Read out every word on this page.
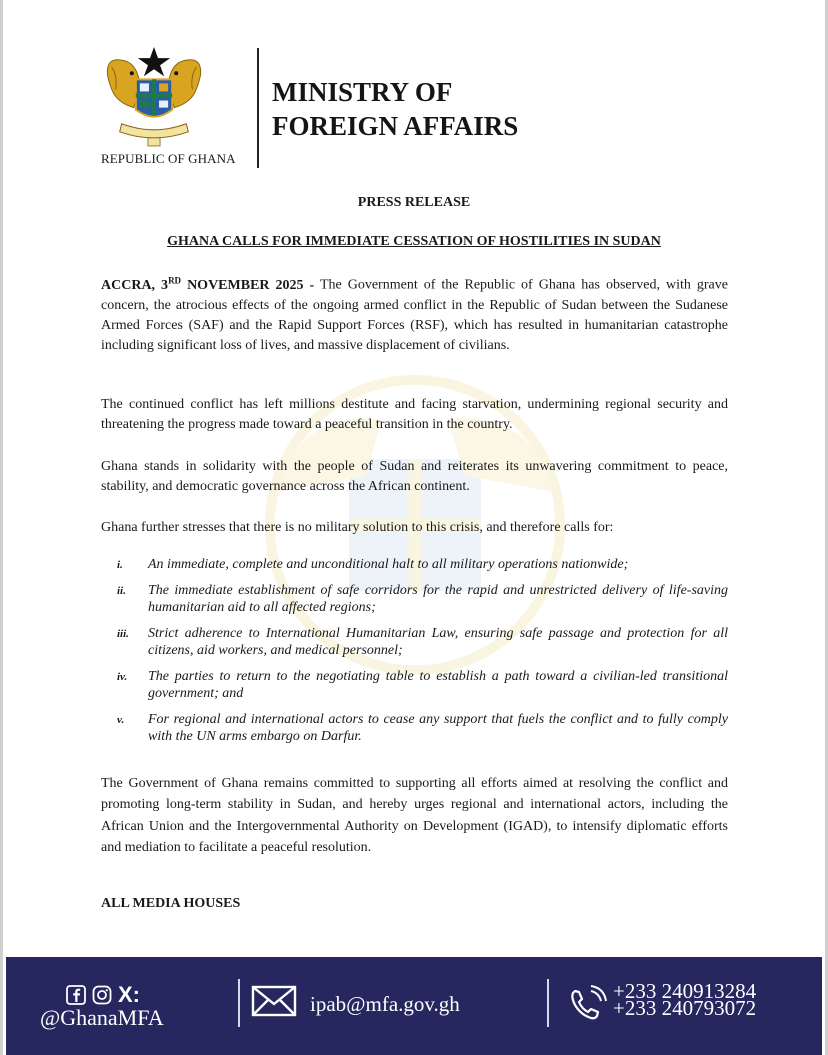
REPUBLIC OF GHANA
MINISTRY OF
FOREIGN AFFAIRS
PRESS RELEASE
GHANA CALLS FOR IMMEDIATE CESSATION OF HOSTILITIES IN SUDAN

ACCRA, 3RD NOVEMBER 2025 - The Government of the Republic of Ghana has observed, with grave concern, the atrocious effects of the ongoing armed conflict in the Republic of Sudan between the Sudanese Armed Forces (SAF) and the Rapid Support Forces (RSF), which has resulted in humanitarian catastrophe including significant loss of lives, and massive displacement of civilians.

The continued conflict has left millions destitute and facing starvation, undermining regional security and threatening the progress made toward a peaceful transition in the country.

Ghana stands in solidarity with the people of Sudan and reiterates its unwavering commitment to peace, stability, and democratic governance across the African continent.

Ghana further stresses that there is no military solution to this crisis, and therefore calls for:

i. An immediate, complete and unconditional halt to all military operations nationwide;
ii. The immediate establishment of safe corridors for the rapid and unrestricted delivery of life-saving humanitarian aid to all affected regions;
iii. Strict adherence to International Humanitarian Law, ensuring safe passage and protection for all citizens, aid workers, and medical personnel;
iv. The parties to return to the negotiating table to establish a path toward a civilian-led transitional government; and
v. For regional and international actors to cease any support that fuels the conflict and to fully comply with the UN arms embargo on Darfur.

The Government of Ghana remains committed to supporting all efforts aimed at resolving the conflict and promoting long-term stability in Sudan, and hereby urges regional and international actors, including the African Union and the Intergovernmental Authority on Development (IGAD), to intensify diplomatic efforts and mediation to facilitate a peaceful resolution.

ALL MEDIA HOUSES
X:
@GhanaMFA
ipab@mfa.gov.gh
+233 240913284
+233 240793072
